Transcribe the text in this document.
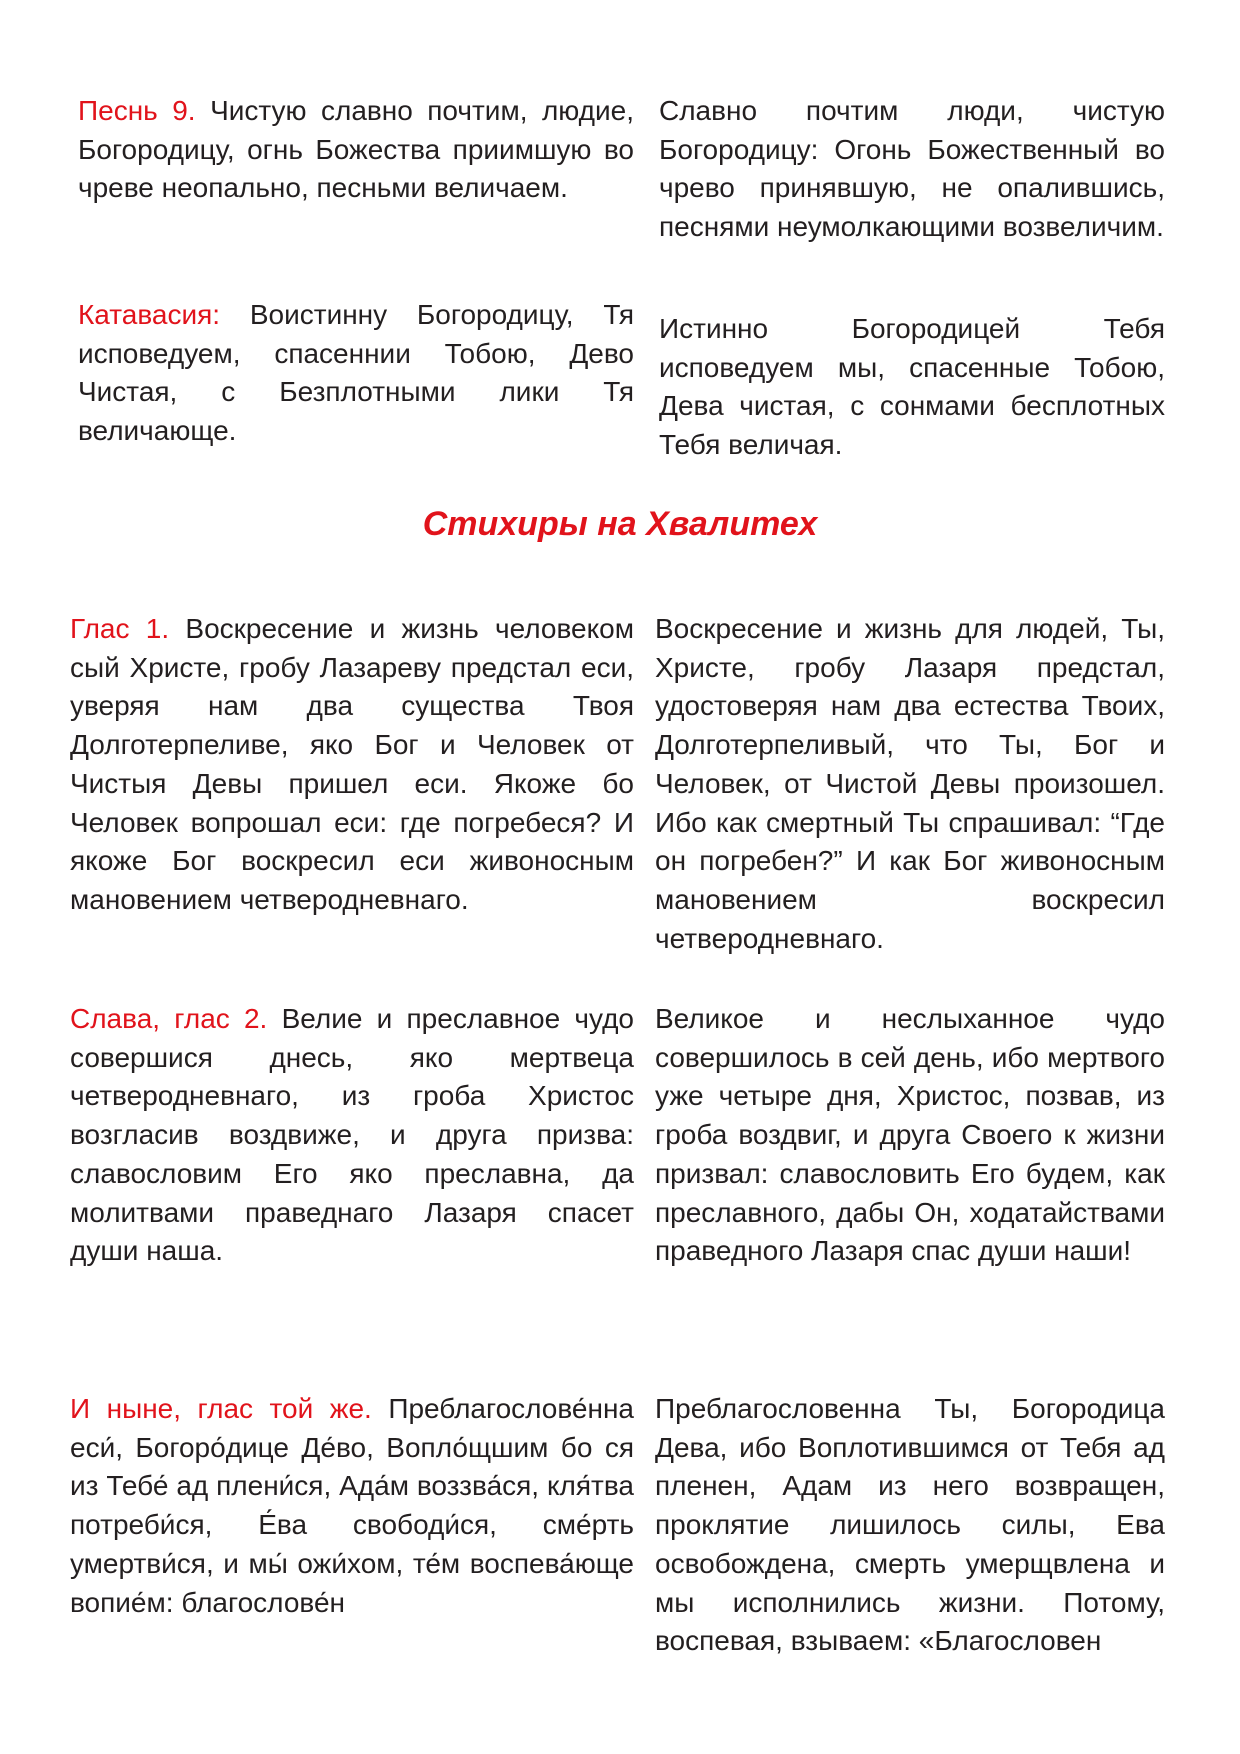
Песнь 9. Чистую славно почтим, людие, Богородицу, огнь Божества приимшую во чреве неопально, песньми величаем.
Славно почтим люди, чистую Богородицу: Огонь Божественный во чрево принявшую, не опалившись, песнями неумолкающими возвеличим.
Катавасия: Воистинну Богородицу, Тя исповедуем, спасеннии Тобою, Дево Чистая, с Безплотными лики Тя величающе.
Истинно Богородицей Тебя исповедуем мы, спасенные Тобою, Дева чистая, с сонмами бесплотных Тебя величая.
Стихиры на Хвалитех
Глас 1. Воскресение и жизнь человеком сый Христе, гробу Лазареву предстал еси, уверяя нам два существа Твоя Долготерпеливе, яко Бог и Человек от Чистыя Девы пришел еси. Якоже бо Человек вопрошал еси: где погребеся? И якоже Бог воскресил еси живоносным мановением четверодневнаго.
Воскресение и жизнь для людей, Ты, Христе, гробу Лазаря предстал, удостоверяя нам два естества Твоих, Долготерпеливый, что Ты, Бог и Человек, от Чистой Девы произошел. Ибо как смертный Ты спрашивал: “Где он погребен?” И как Бог живоносным мановением воскресил четверодневнаго.
Слава, глас 2. Велие и преславное чудо совершися днесь, яко мертвеца четверодневнаго, из гроба Христос возгласив воздвиже, и друга призва: славословим Его яко преславна, да молитвами праведнаго Лазаря спасет души наша.
Великое и неслыханное чудо совершилось в сей день, ибо мертвого уже четыре дня, Христос, позвав, из гроба воздвиг, и друга Своего к жизни призвал: славословить Его будем, как преславного, дабы Он, ходатайствами праведного Лазаря спас души наши!
И ныне, глас той же. Преблагослове́нна еси́, Богоро́дице Де́во, Вопло́щшим бо ся из Тебе́ ад плени́ся, Ада́м воззва́ся, кля́тва потреби́ся, Е́ва свободи́ся, сме́рть умертви́ся, и мы́ ожи́хом, те́м воспева́юще вопие́м: благослове́н
Преблагословенна Ты, Богородица Дева, ибо Воплотившимся от Тебя ад пленен, Адам из него возвращен, проклятие лишилось силы, Ева освобождена, смерть умерщвлена и мы исполнились жизни. Потому, воспевая, взываем: «Благословен
